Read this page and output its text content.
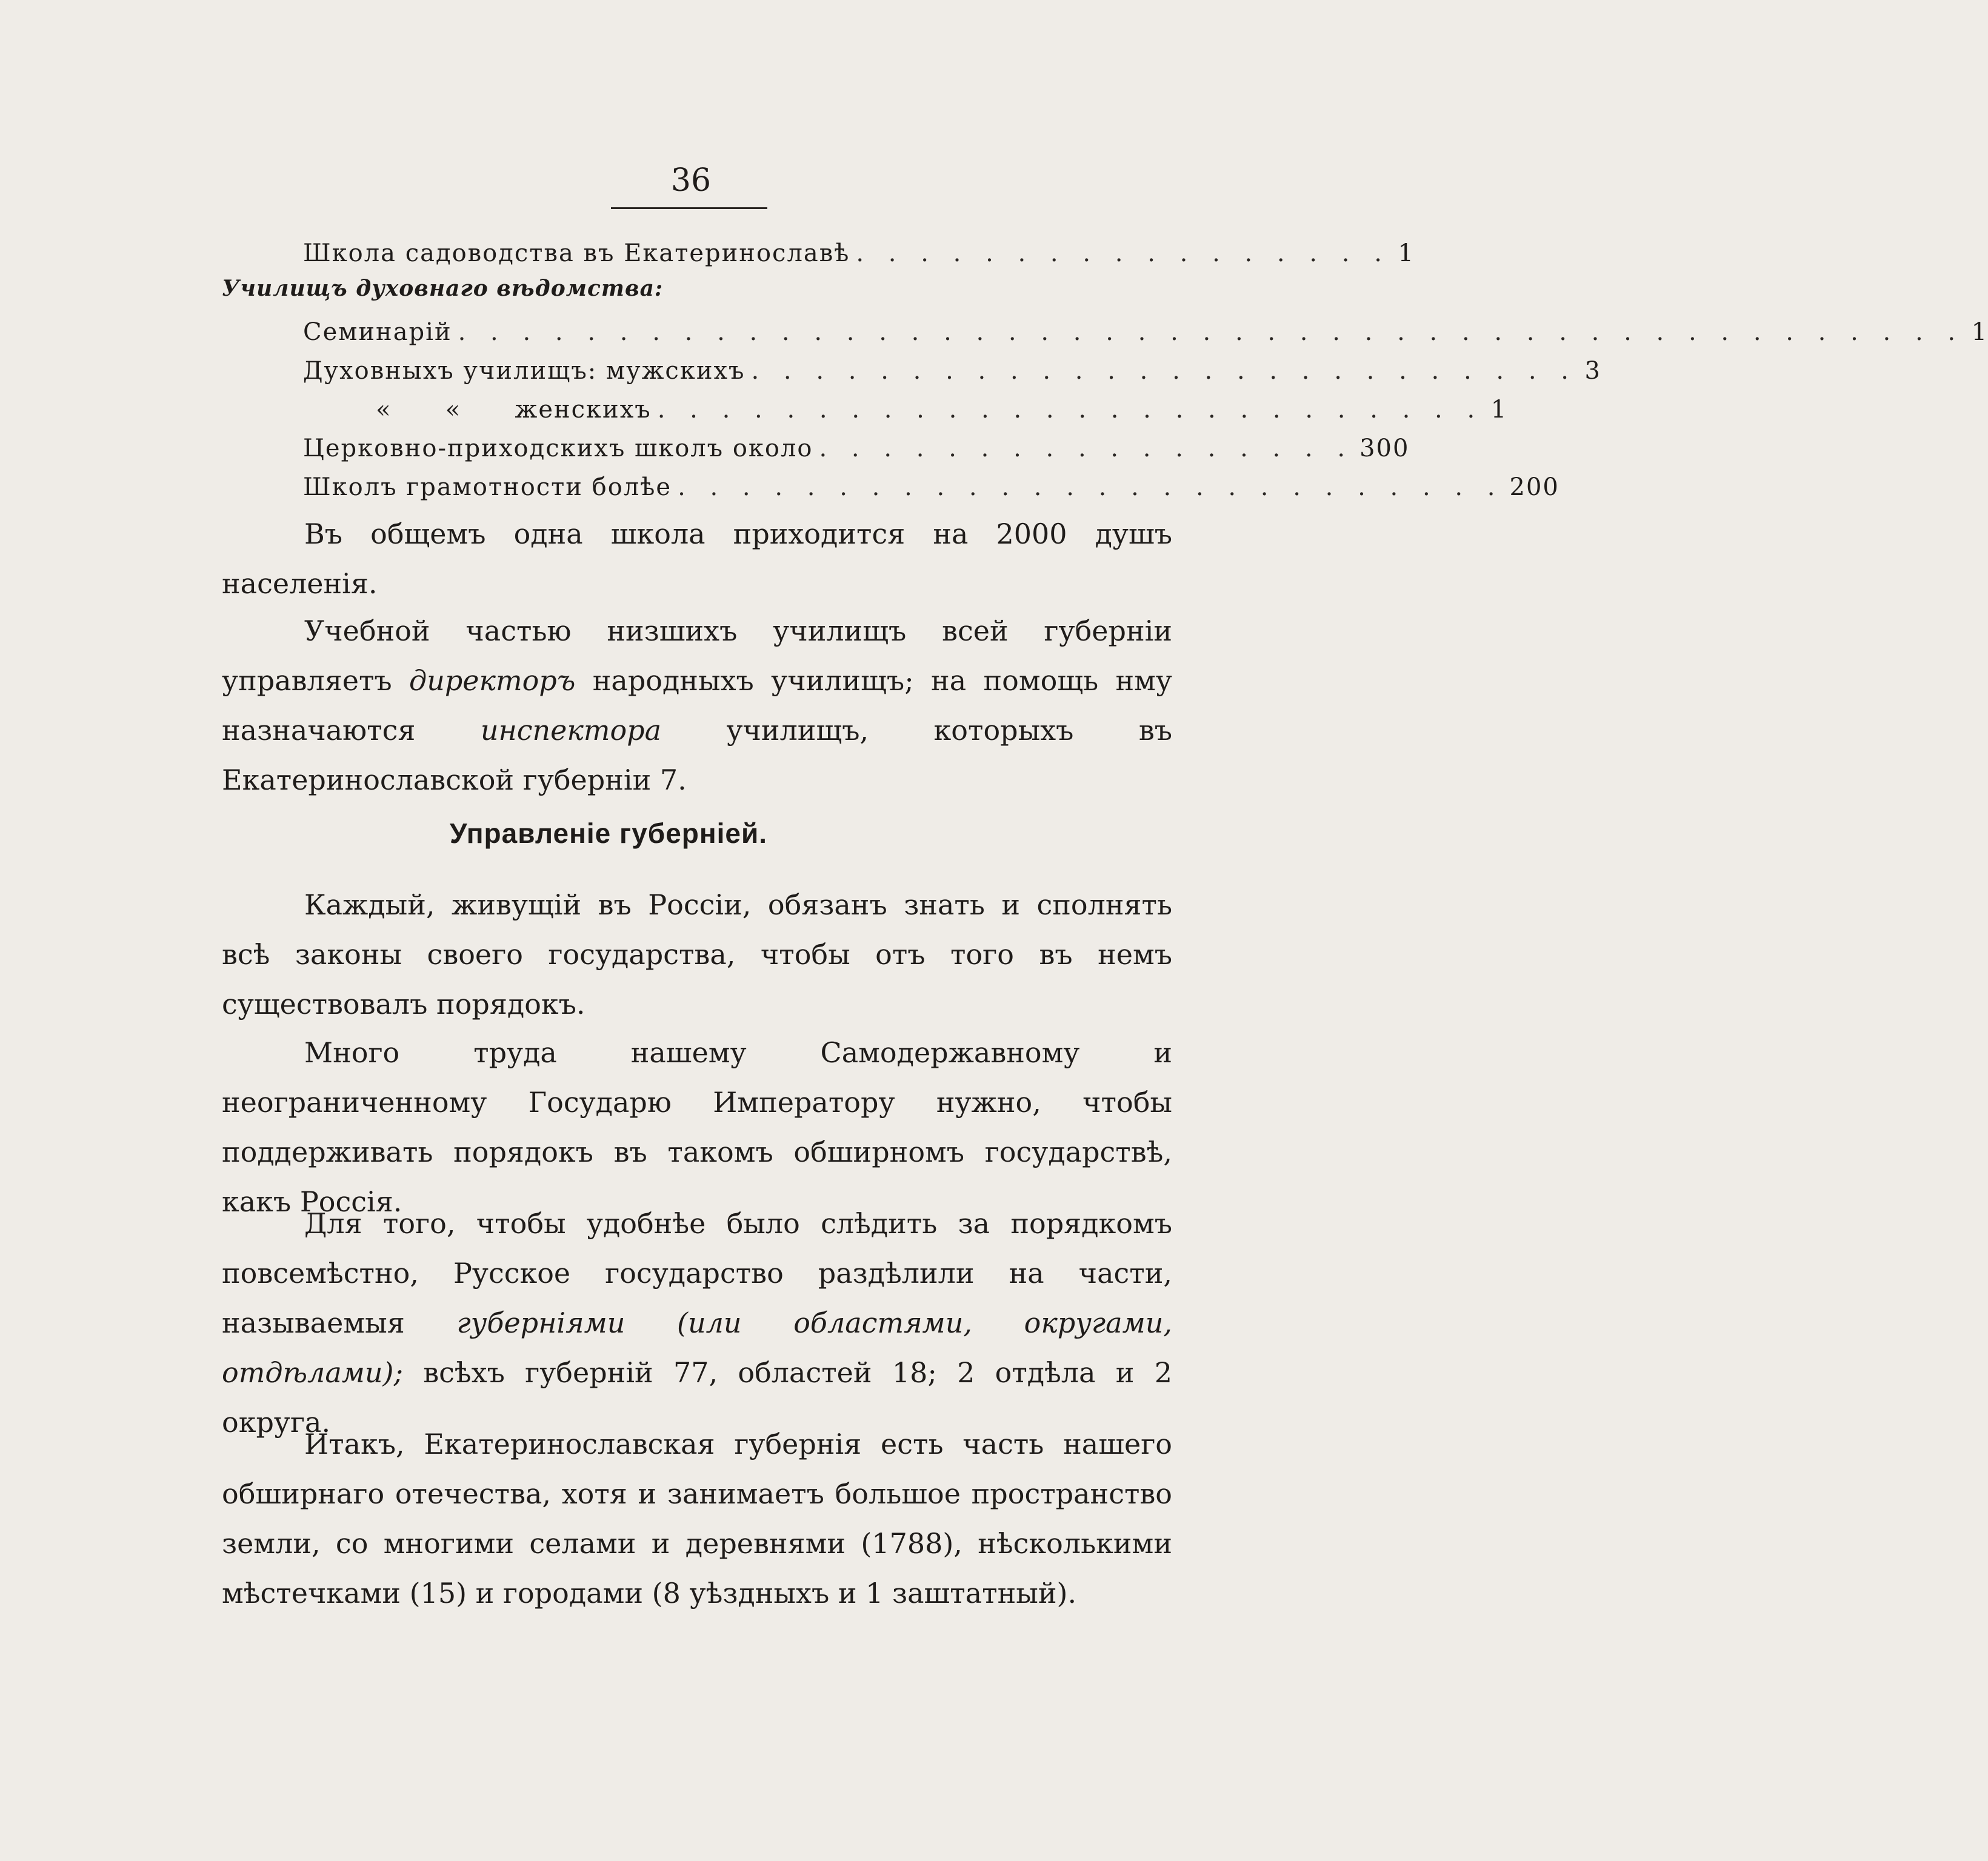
36
Школа садоводства въ Екатеринославѣ . . . . . . . . . . . . . . . . . 1
Училищъ духовнаго вѣдомства:
Семинарій . . . . . . . . . . . . . . . . . . . . . . . . . . . . . . . . . . . . . . . . . . . . . . . 1
Духовныхъ училищъ: мужскихъ . . . . . . . . . . . . . . . . . . . . . . . . . . 3
«      «      женскихъ . . . . . . . . . . . . . . . . . . . . . . . . . . 1
Церковно-приходскихъ школъ около . . . . . . . . . . . . . . . . . 300
Школъ грамотности болѣе . . . . . . . . . . . . . . . . . . . . . . . . . . 200

Въ общемъ одна школа приходится на 2000 душъ населенія.

Учебной частью низшихъ училищъ всей губерніи управляетъ директоръ народныхъ училищъ; на помощь нму назначаются инспектора училищъ, которыхъ въ Екатеринославской губерніи 7.

Управленіе губерніей.

Каждый, живущій въ Россіи, обязанъ знать и сполнять всѣ законы своего государства, чтобы отъ того въ немъ существовалъ порядокъ.

Много труда нашему Самодержавному и неограниченному Государю Императору нужно, чтобы поддерживать порядокъ въ такомъ обширномъ государствѣ, какъ Россія.

Для того, чтобы удобнѣе было слѣдить за порядкомъ повсемѣстно, Русское государство раздѣлили на части, называемыя губерніями (или областями, округами, отдѣлами); всѣхъ губерній 77, областей 18; 2 отдѣла и 2 округа.

Итакъ, Екатеринославская губернія есть часть нашего обширнаго отечества, хотя и занимаетъ большое пространство земли, со многими селами и деревнями (1788), нѣсколькими мѣстечками (15) и городами (8 уѣздныхъ и 1 заштатный).
